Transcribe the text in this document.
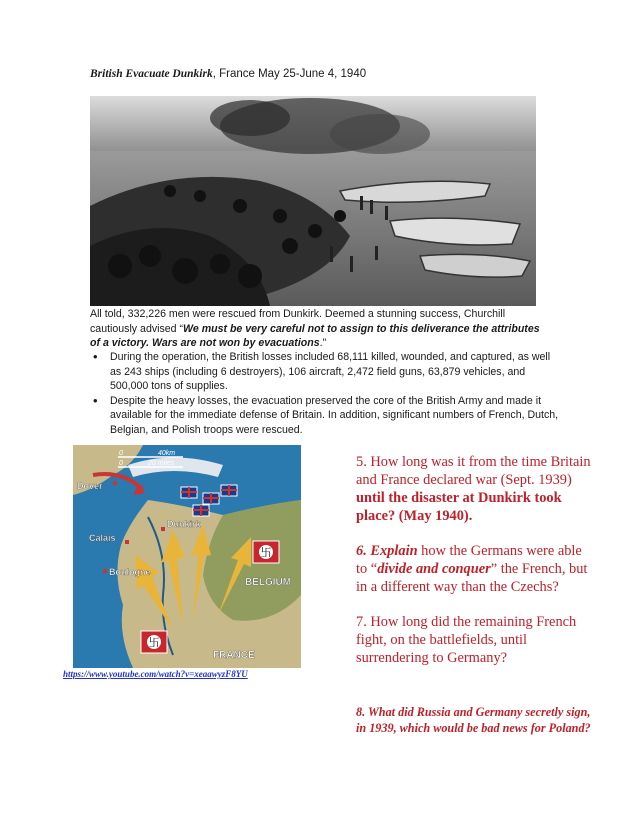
British Evacuate Dunkirk, France May 25-June 4, 1940
All told, 332,226 men were rescued from Dunkirk. Deemed a stunning success, Churchill cautiously advised “We must be very careful not to assign to this deliverance the attributes of a victory. Wars are not won by evacuations."
• During the operation, the British losses included 68,111 killed, wounded, and captured, as well as 243 ships (including 6 destroyers), 106 aircraft, 2,472 field guns, 63,879 vehicles, and 500,000 tons of supplies.
• Despite the heavy losses, the evacuation preserved the core of the British Army and made it available for the immediate defense of Britain. In addition, significant numbers of French, Dutch, Belgian, and Polish troops were rescued.
卐
卐
0	40km
0	20 miles
Dover
Dunkirk
Calais
Boulogne
BELGIUM
FRANCE
https://www.youtube.com/watch?v=xeaawyzF8YU
5. How long was it from the time Britain and France declared war (Sept. 1939) until the disaster at Dunkirk took place? (May 1940).
6. Explain how the Germans were able to “divide and conquer” the French, but in a different way than the Czechs?
7. How long did the remaining French fight, on the battlefields, until surrendering to Germany?
8. What did Russia and Germany secretly sign, in 1939, which would be bad news for Poland?
